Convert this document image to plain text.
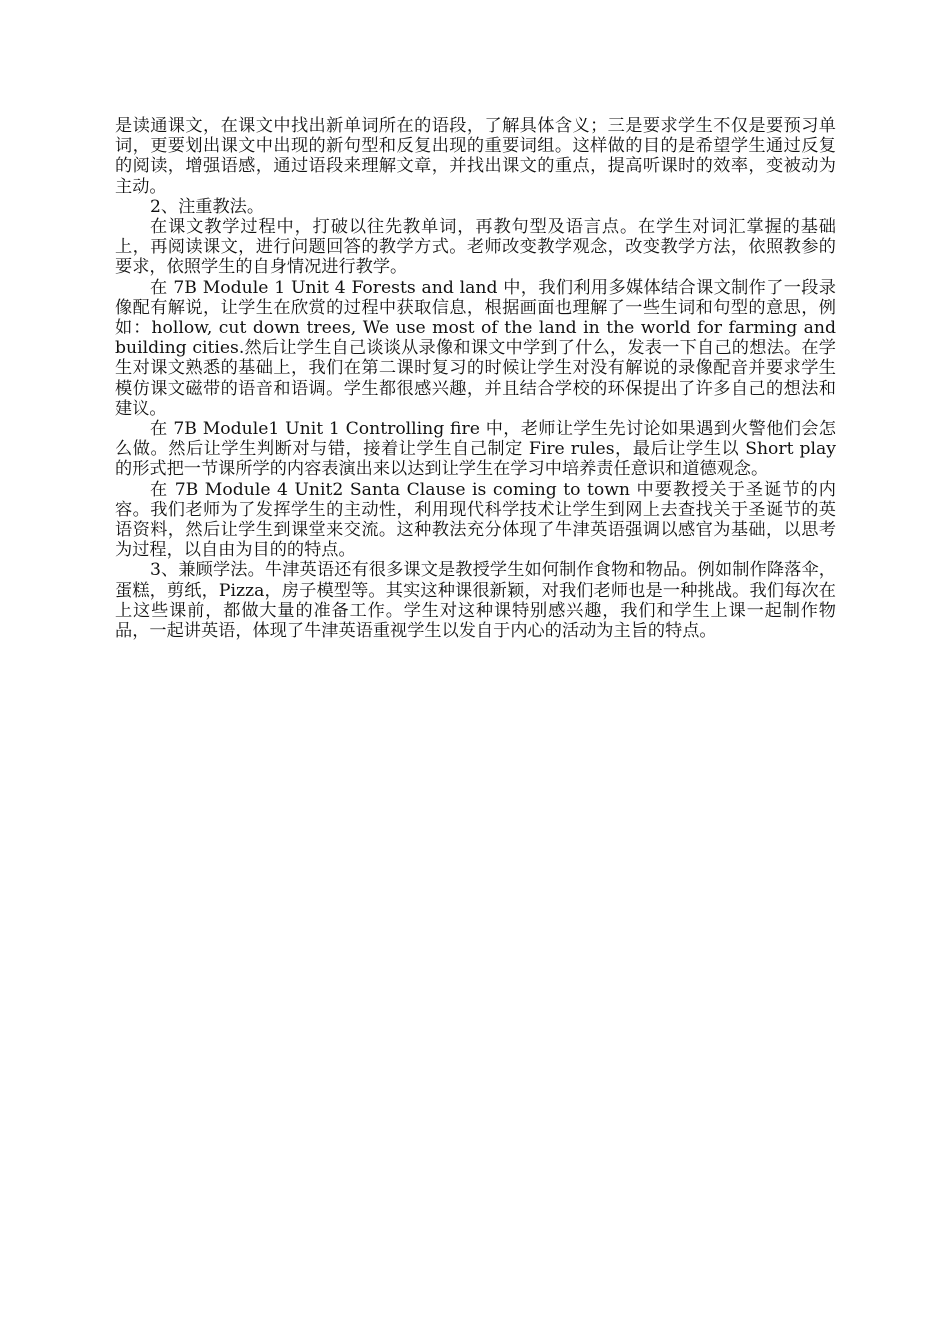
是读通课文，在课文中找出新单词所在的语段，了解具体含义；三是要求学生不仅是要预习单词，更要划出课文中出现的新句型和反复出现的重要词组。这样做的目的是希望学生通过反复的阅读，增强语感，通过语段来理解文章，并找出课文的重点，提高听课时的效率，变被动为主动。

2、注重教法。

在课文教学过程中，打破以往先教单词，再教句型及语言点。在学生对词汇掌握的基础上，再阅读课文，进行问题回答的教学方式。老师改变教学观念，改变教学方法，依照教参的要求，依照学生的自身情况进行教学。

在 7B Module 1 Unit 4 Forests and land 中，我们利用多媒体结合课文制作了一段录像配有解说，让学生在欣赏的过程中获取信息，根据画面也理解了一些生词和句型的意思，例如：hollow, cut down trees, We use most of the land in the world for farming and building cities.然后让学生自己谈谈从录像和课文中学到了什么，发表一下自己的想法。在学生对课文熟悉的基础上，我们在第二课时复习的时候让学生对没有解说的录像配音并要求学生模仿课文磁带的语音和语调。学生都很感兴趣，并且结合学校的环保提出了许多自己的想法和建议。

在 7B Module1 Unit 1 Controlling fire 中，老师让学生先讨论如果遇到火警他们会怎么做。然后让学生判断对与错，接着让学生自己制定 Fire rules，最后让学生以 Short play 的形式把一节课所学的内容表演出来以达到让学生在学习中培养责任意识和道德观念。

在 7B Module 4 Unit2 Santa Clause is coming to town 中要教授关于圣诞节的内容。我们老师为了发挥学生的主动性，利用现代科学技术让学生到网上去查找关于圣诞节的英语资料，然后让学生到课堂来交流。这种教法充分体现了牛津英语强调以感官为基础，以思考为过程，以自由为目的的特点。

3、兼顾学法。牛津英语还有很多课文是教授学生如何制作食物和物品。例如制作降落伞，蛋糕，剪纸，Pizza，房子模型等。其实这种课很新颖，对我们老师也是一种挑战。我们每次在上这些课前，都做大量的准备工作。学生对这种课特别感兴趣，我们和学生上课一起制作物品，一起讲英语，体现了牛津英语重视学生以发自于内心的活动为主旨的特点。
